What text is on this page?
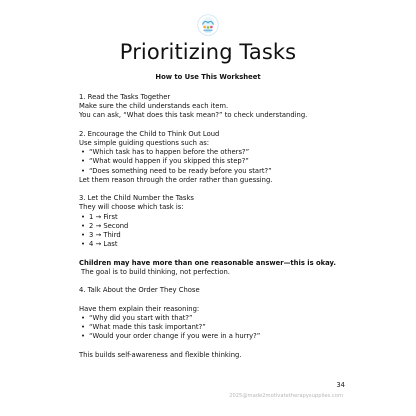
Prioritizing Tasks
How to Use This Worksheet
1. Read the Tasks Together
Make sure the child understands each item.
You can ask, “What does this task mean?” to check understanding.
2. Encourage the Child to Think Out Loud
Use simple guiding questions such as:
• “Which task has to happen before the others?”
• “What would happen if you skipped this step?”
• “Does something need to be ready before you start?”
Let them reason through the order rather than guessing.
3. Let the Child Number the Tasks
They will choose which task is:
• 1 → First
• 2 → Second
• 3 → Third
• 4 → Last
Children may have more than one reasonable answer—this is okay.
The goal is to build thinking, not perfection.
4. Talk About the Order They Chose
Have them explain their reasoning:
• “Why did you start with that?”
• “What made this task important?”
• “Would your order change if you were in a hurry?”
This builds self-awareness and flexible thinking.
34
2025@made2motivatetherapysupplies.com
